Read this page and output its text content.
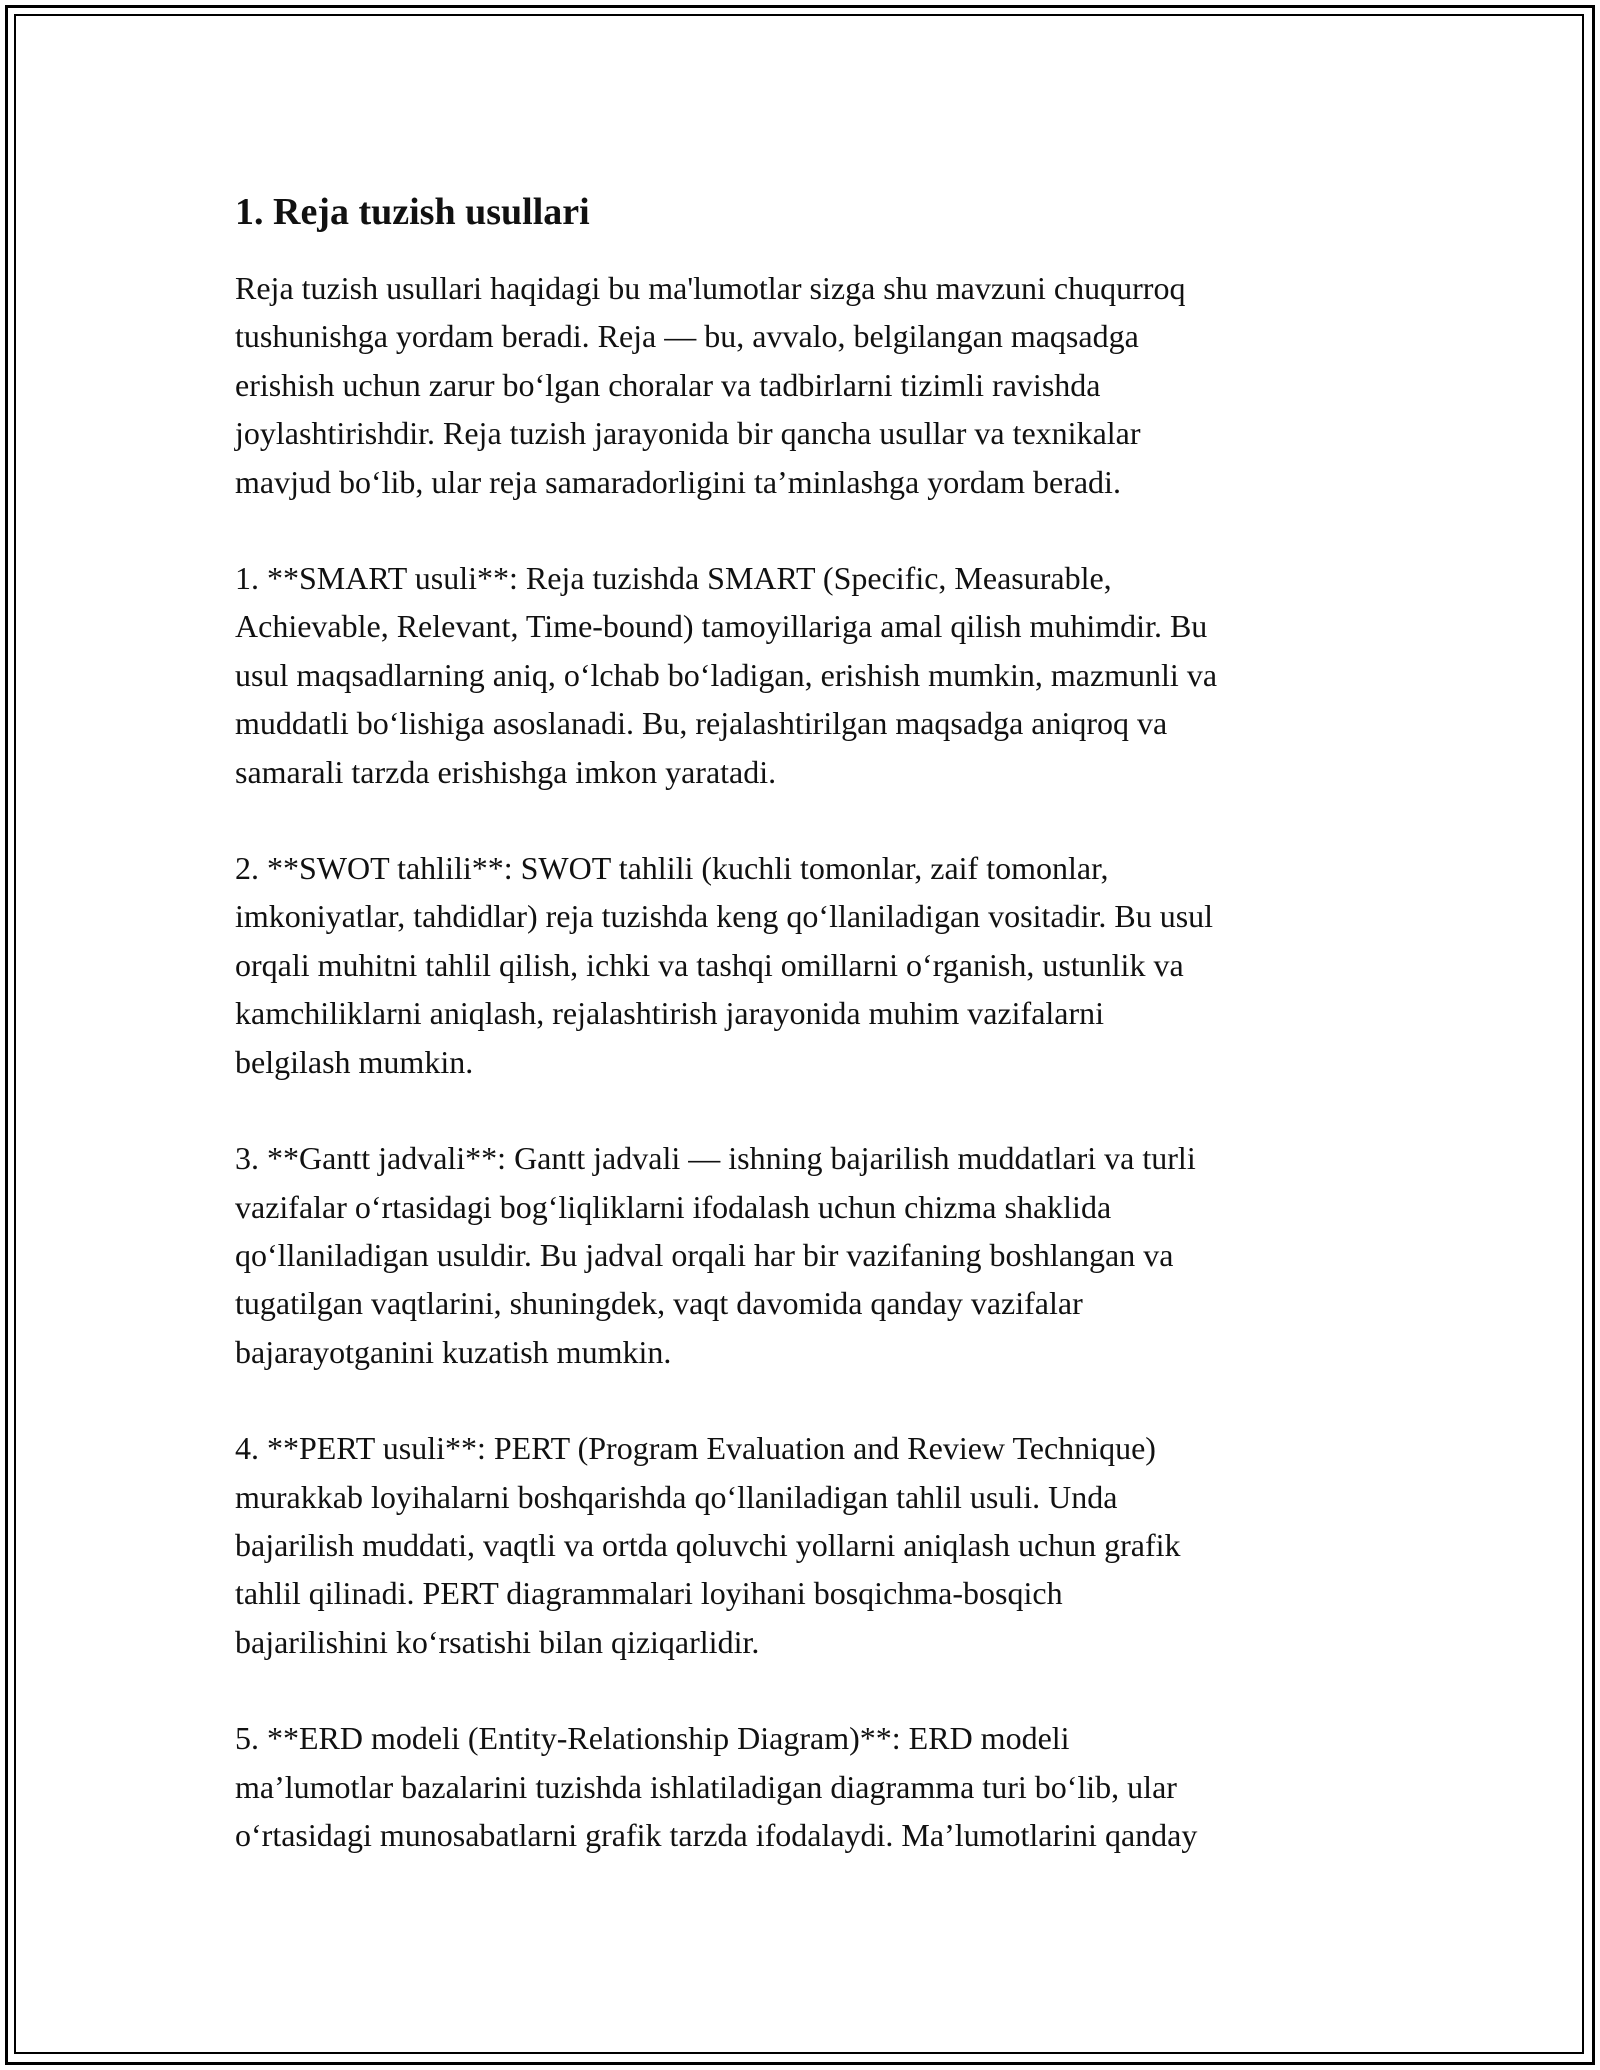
1. Reja tuzish usullari

Reja tuzish usullari haqidagi bu ma'lumotlar sizga shu mavzuni chuqurroq
tushunishga yordam beradi. Reja — bu, avvalo, belgilangan maqsadga
erishish uchun zarur bo‘lgan choralar va tadbirlarni tizimli ravishda
joylashtirishdir. Reja tuzish jarayonida bir qancha usullar va texnikalar
mavjud bo‘lib, ular reja samaradorligini ta’minlashga yordam beradi.

1. **SMART usuli**: Reja tuzishda SMART (Specific, Measurable,
Achievable, Relevant, Time-bound) tamoyillariga amal qilish muhimdir. Bu
usul maqsadlarning aniq, o‘lchab bo‘ladigan, erishish mumkin, mazmunli va
muddatli bo‘lishiga asoslanadi. Bu, rejalashtirilgan maqsadga aniqroq va
samarali tarzda erishishga imkon yaratadi.

2. **SWOT tahlili**: SWOT tahlili (kuchli tomonlar, zaif tomonlar,
imkoniyatlar, tahdidlar) reja tuzishda keng qo‘llaniladigan vositadir. Bu usul
orqali muhitni tahlil qilish, ichki va tashqi omillarni o‘rganish, ustunlik va
kamchiliklarni aniqlash, rejalashtirish jarayonida muhim vazifalarni
belgilash mumkin.

3. **Gantt jadvali**: Gantt jadvali — ishning bajarilish muddatlari va turli
vazifalar o‘rtasidagi bog‘liqliklarni ifodalash uchun chizma shaklida
qo‘llaniladigan usuldir. Bu jadval orqali har bir vazifaning boshlangan va
tugatilgan vaqtlarini, shuningdek, vaqt davomida qanday vazifalar
bajarayotganini kuzatish mumkin.

4. **PERT usuli**: PERT (Program Evaluation and Review Technique)
murakkab loyihalarni boshqarishda qo‘llaniladigan tahlil usuli. Unda
bajarilish muddati, vaqtli va ortda qoluvchi yollarni aniqlash uchun grafik
tahlil qilinadi. PERT diagrammalari loyihani bosqichma-bosqich
bajarilishini ko‘rsatishi bilan qiziqarlidir.

5. **ERD modeli (Entity-Relationship Diagram)**: ERD modeli
ma’lumotlar bazalarini tuzishda ishlatiladigan diagramma turi bo‘lib, ular
o‘rtasidagi munosabatlarni grafik tarzda ifodalaydi. Ma’lumotlarini qanday
